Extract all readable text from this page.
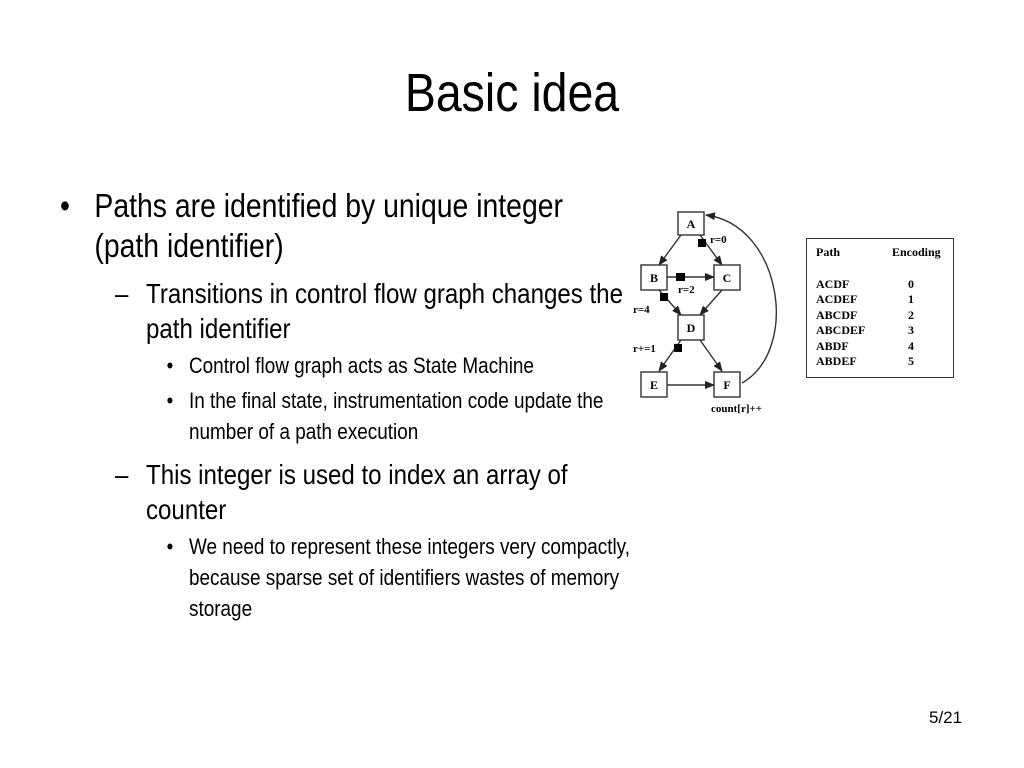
Basic idea
• Paths are identified by unique integer (path identifier)
– Transitions in control flow graph changes the path identifier
• Control flow graph acts as State Machine
• In the final state, instrumentation code update the number of a path execution
– This integer is used to index an array of counter
• We need to represent these integers very compactly, because sparse set of identifiers wastes of memory storage
A
B	C
D
E	F
r=0
r=2
r=4
r+=1
count[r]++
Path	Encoding
ACDF	0
ACDEF	1
ABCDF	2
ABCDEF	3
ABDF	4
ABDEF	5
5/21
